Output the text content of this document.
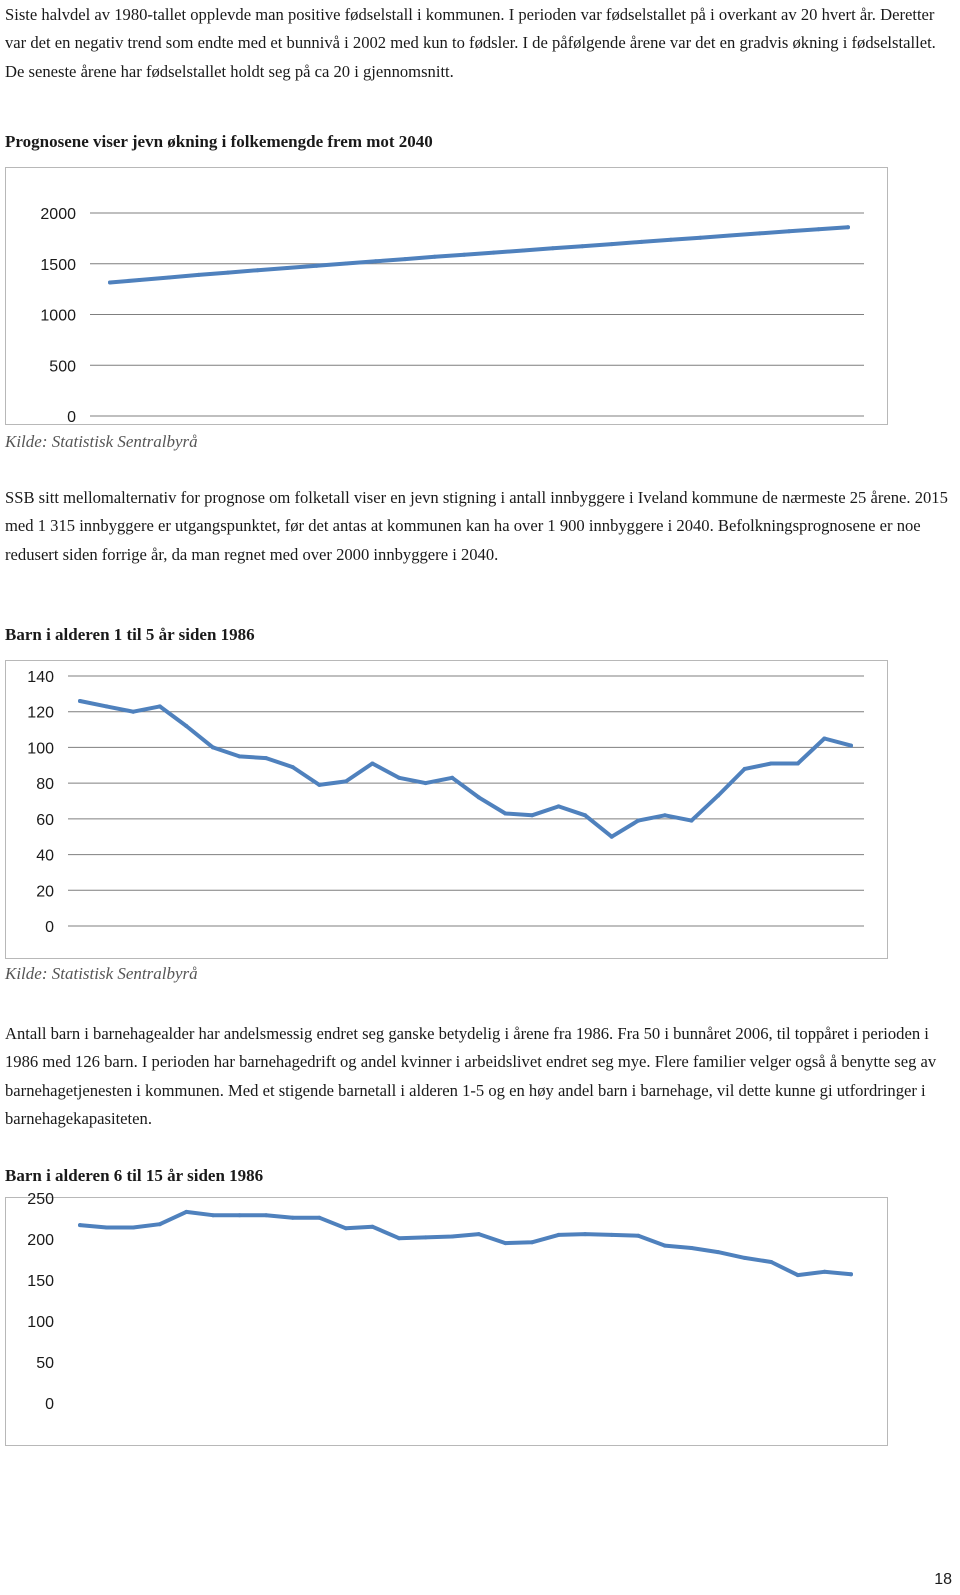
Siste halvdel av 1980-tallet opplevde man positive fødselstall i kommunen. I perioden var fødselstallet på i overkant av 20 hvert år. Deretter var det en negativ trend som endte med et bunnivå i 2002 med kun to fødsler. I de påfølgende årene var det en gradvis økning i fødselstallet. De seneste årene har fødselstallet holdt seg på ca 20 i gjennomsnitt.

Prognosene viser jevn økning i folkemengde frem mot 2040

0
500
1000
1500
2000

Kilde: Statistisk Sentralbyrå

SSB sitt mellomalternativ for prognose om folketall viser en jevn stigning i antall innbyggere i Iveland kommune de nærmeste 25 årene. 2015 med 1 315 innbyggere er utgangspunktet, før det antas at kommunen kan ha over 1 900 innbyggere i 2040. Befolkningsprognosene er noe redusert siden forrige år, da man regnet med over 2000 innbyggere i 2040.

Barn i alderen 1 til 5 år siden 1986

0
20
40
60
80
100
120
140

Kilde: Statistisk Sentralbyrå

Antall barn i barnehagealder har andelsmessig endret seg ganske betydelig i årene fra 1986. Fra 50 i bunnåret 2006, til toppåret i perioden i 1986 med 126 barn. I perioden har barnehagedrift og andel kvinner i arbeidslivet endret seg mye. Flere familier velger også å benytte seg av barnehagetjenesten i kommunen. Med et stigende barnetall i alderen 1-5 og en høy andel barn i barnehage, vil dette kunne gi utfordringer i barnehagekapasiteten.

Barn i alderen 6 til 15 år siden 1986

0
50
100
150
200
250
18
